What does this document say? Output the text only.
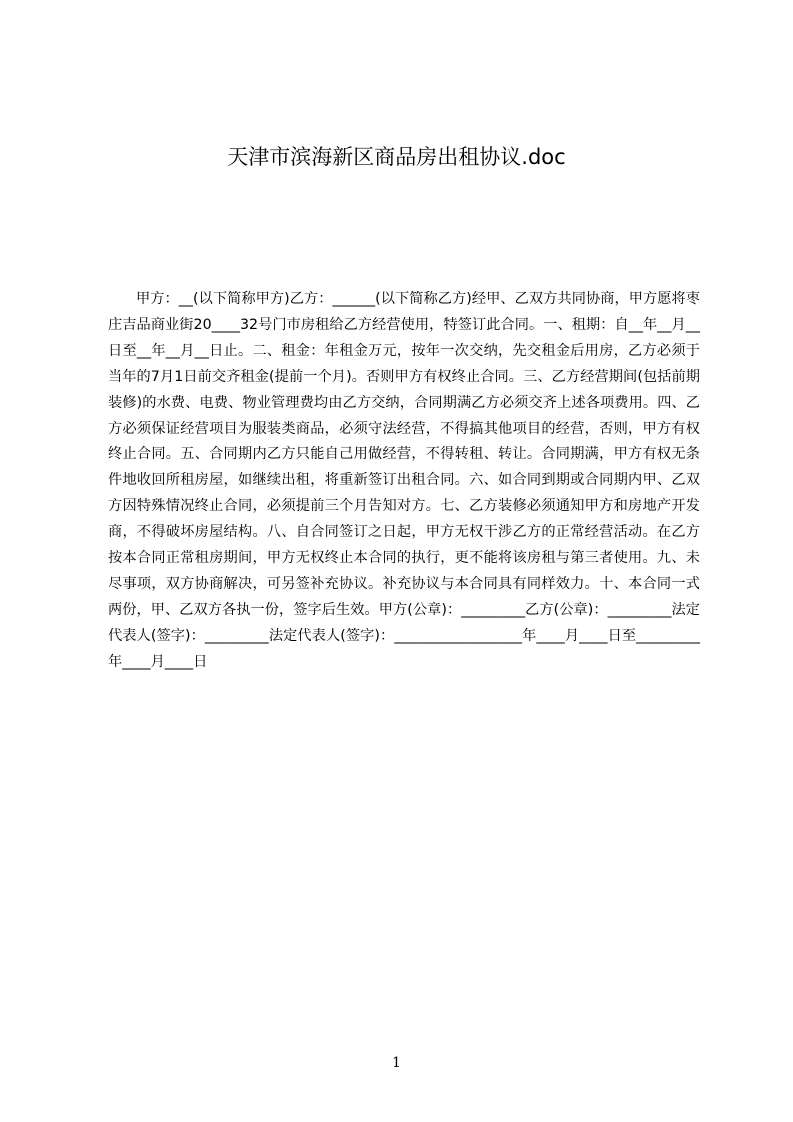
天津市滨海新区商品房出租协议.doc

甲方：__(以下简称甲方)乙方：______(以下简称乙方)经甲、乙双方共同协商，甲方愿将枣庄吉品商业街20____32号门市房租给乙方经营使用，特签订此合同。一、租期：自__年__月__日至__年__月__日止。二、租金：年租金万元，按年一次交纳，先交租金后用房，乙方必须于当年的7月1日前交齐租金(提前一个月)。否则甲方有权终止合同。三、乙方经营期间(包括前期装修)的水费、电费、物业管理费均由乙方交纳，合同期满乙方必须交齐上述各项费用。四、乙方必须保证经营项目为服装类商品，必须守法经营，不得搞其他项目的经营，否则，甲方有权终止合同。五、合同期内乙方只能自己用做经营，不得转租、转让。合同期满，甲方有权无条件地收回所租房屋，如继续出租，将重新签订出租合同。六、如合同到期或合同期内甲、乙双方因特殊情况终止合同，必须提前三个月告知对方。七、乙方装修必须通知甲方和房地产开发商，不得破坏房屋结构。八、自合同签订之日起，甲方无权干涉乙方的正常经营活动。在乙方按本合同正常租房期间，甲方无权终止本合同的执行，更不能将该房租与第三者使用。九、未尽事项，双方协商解决，可另签补充协议。补充协议与本合同具有同样效力。十、本合同一式两份，甲、乙双方各执一份，签字后生效。甲方(公章)：_________乙方(公章)：_________法定代表人(签字)：_________法定代表人(签字)：__________________年____月____日至_________年____月____日

1
